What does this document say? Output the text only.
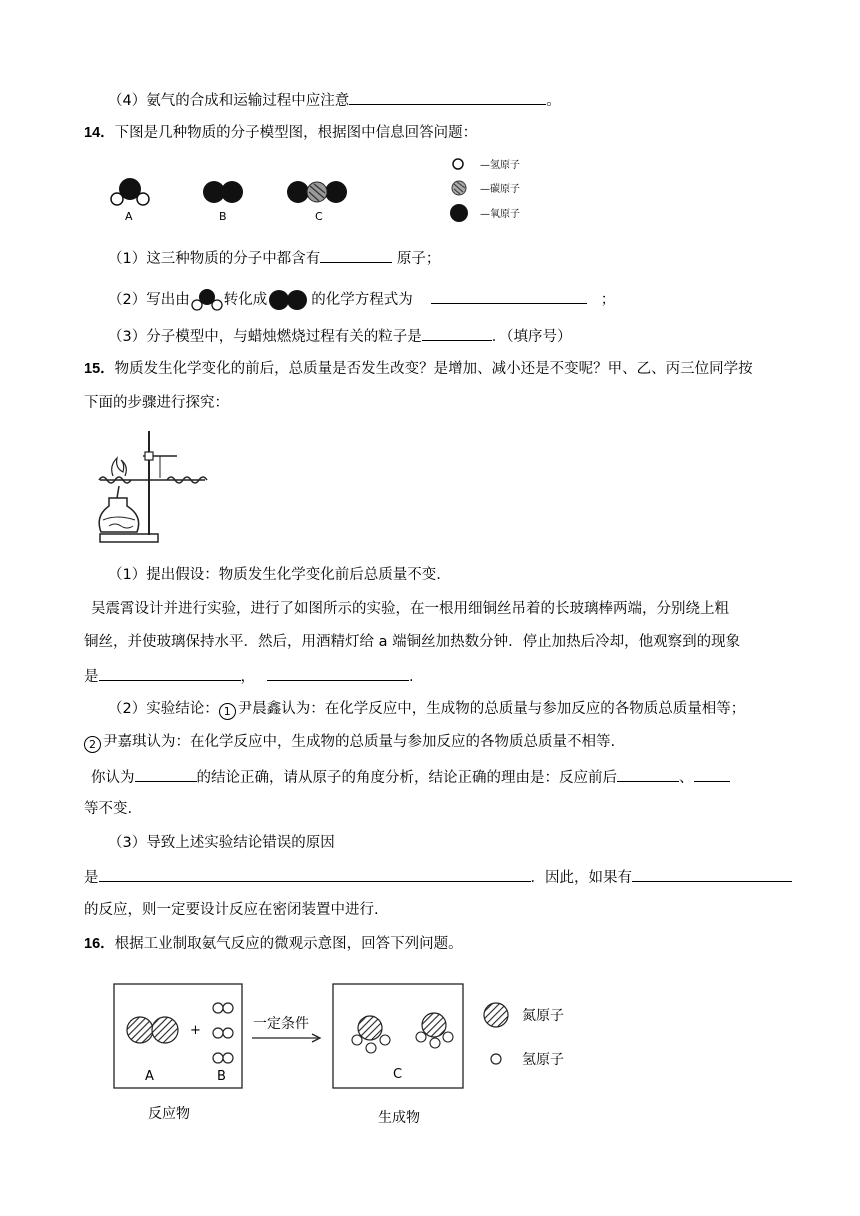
（4）氨气的合成和运输过程中应注意	。
14．下图是几种物质的分子模型图，根据图中信息回答问题：
A	B	C
—氢原子
—碳原子
—氧原子
（1）这三种物质的分子中都含有	原子；
（2）写出由 转化成	的化学方程式为	；
（3）分子模型中，与蜡烛燃烧过程有关的粒子是	．（填序号）
15．物质发生化学变化的前后，总质量是否发生改变？是增加、减小还是不变呢？甲、乙、丙三位同学按
下面的步骤进行探究：
（1）提出假设：物质发生化学变化前后总质量不变.
吴震霄设计并进行实验，进行了如图所示的实验，在一根用细铜丝吊着的长玻璃棒两端，分别绕上粗
铜丝，并使玻璃保持水平．然后，用酒精灯给 a 端铜丝加热数分钟．停止加热后冷却，他观察到的现象
是	，	.
（2）实验结论： 1 尹晨鑫认为：在化学反应中，生成物的总质量与参加反应的各物质总质量相等；
2 尹嘉琪认为：在化学反应中，生成物的总质量与参加反应的各物质总质量不相等.
你认为	的结论正确，请从原子的角度分析，结论正确的理由是：反应前后	、
等不变.
（3）导致上述实验结论错误的原因
是	．因此，如果有
的反应，则一定要设计反应在密闭装置中进行.
16．根据工业制取氨气反应的微观示意图，回答下列问题。
+
A	B
反应物
一定条件
C
生成物
氮原子
氢原子
